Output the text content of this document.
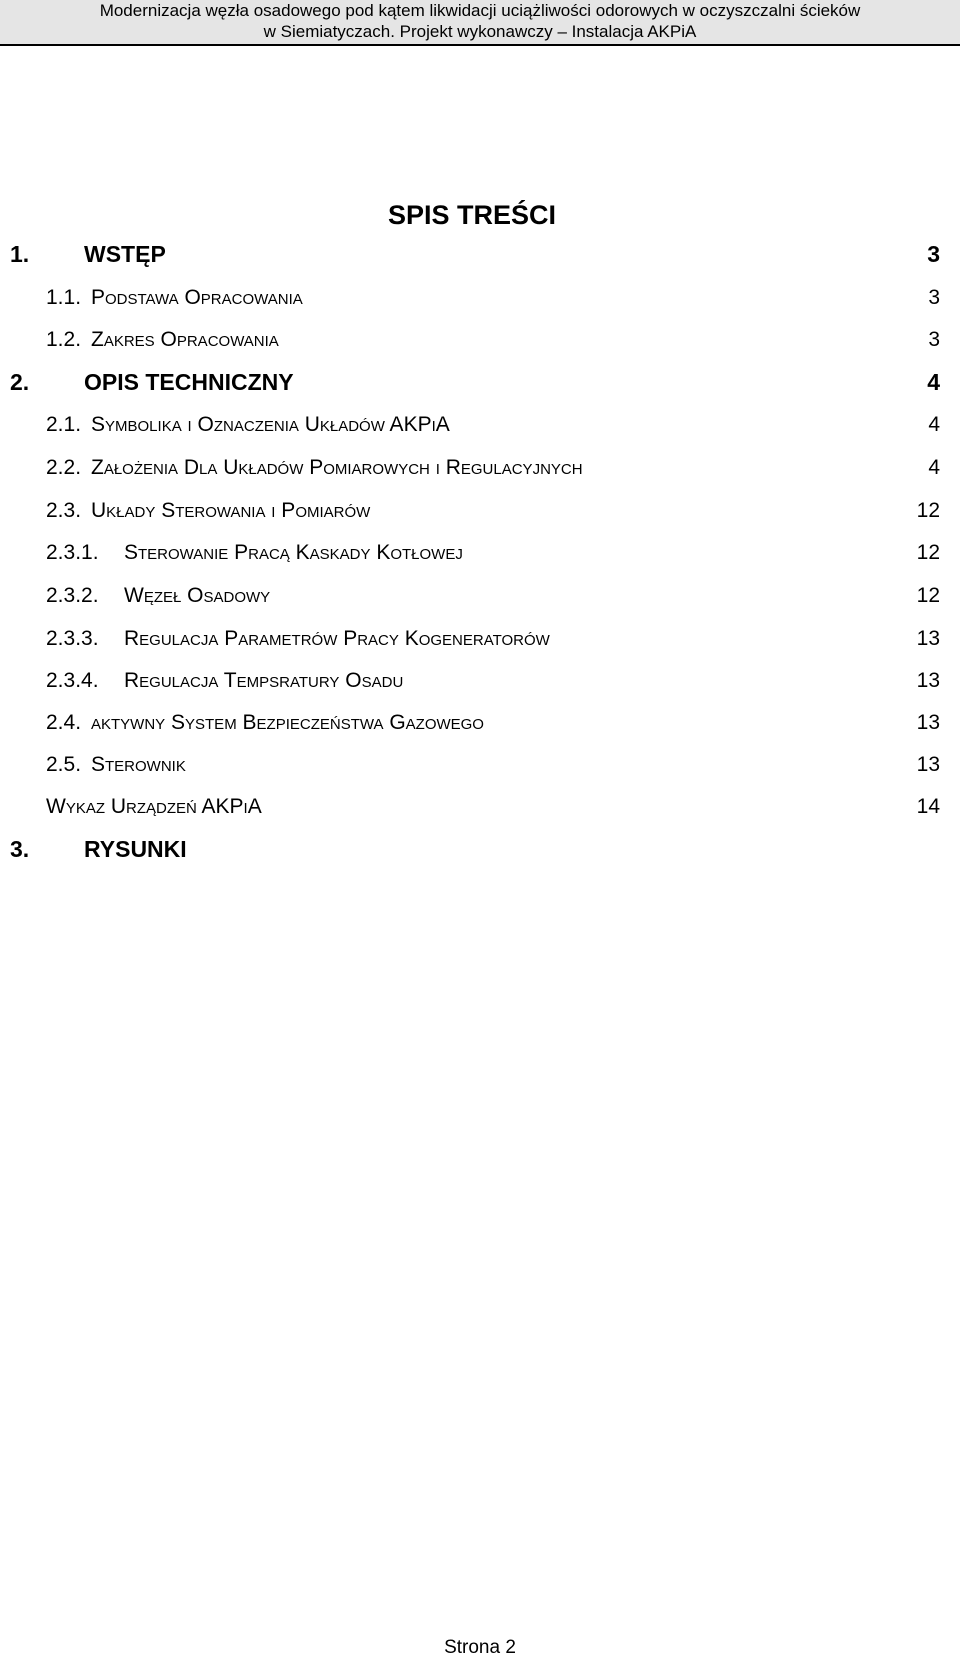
Modernizacja węzła osadowego pod kątem likwidacji uciążliwości odorowych w oczyszczalni ścieków
w Siemiatyczach. Projekt wykonawczy – Instalacja AKPiA
SPIS TREŚCI
1. WSTĘP	3
1.1. Podstawa Opracowania	3
1.2. Zakres Opracowania	3
2. OPIS TECHNICZNY	4
2.1. Symbolika i Oznaczenia Układów AKPiA	4
2.2. Założenia Dla Układów Pomiarowych i Regulacyjnych	4
2.3. Układy Sterowania i Pomiarów	12
2.3.1. Sterowanie Pracą Kaskady Kotłowej	12
2.3.2. Węzeł Osadowy	12
2.3.3. Regulacja Parametrów Pracy Kogeneratorów	13
2.3.4. Regulacja Tempsratury Osadu	13
2.4. aktywny System Bezpieczeństwa Gazowego	13
2.5. Sterownik	13
Wykaz Urządzeń AKPiA	14
3. RYSUNKI
Strona 2
